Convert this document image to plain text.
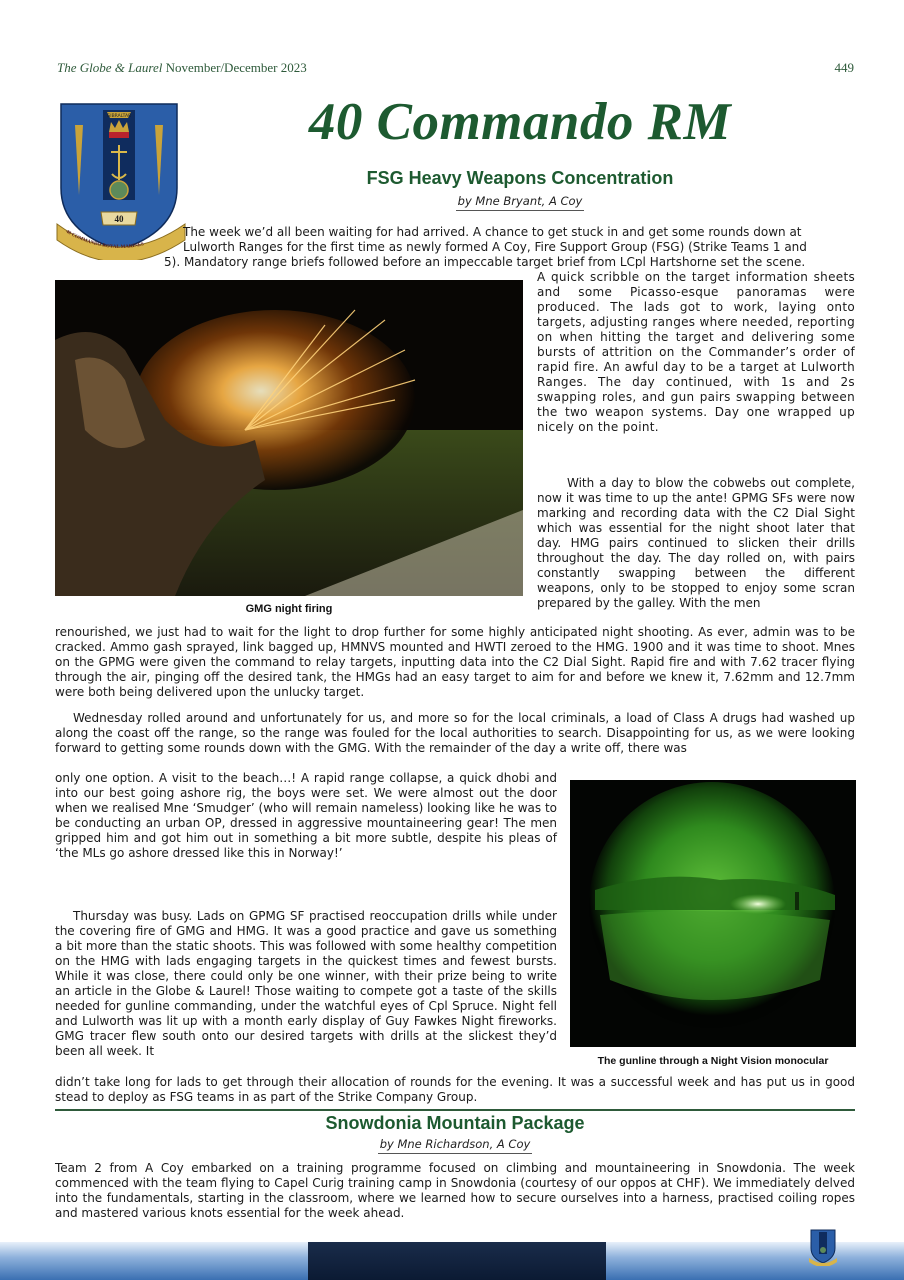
The Globe & Laurel November/December 2023	449
GIBRALTAR
40
40 COMMANDO ROYAL MARINES
40 Commando RM
FSG Heavy Weapons Concentration
by Mne Bryant, A Coy
The week we’d all been waiting for had arrived. A chance to get stuck in and get some rounds down at
Lulworth Ranges for the first time as newly formed A Coy, Fire Support Group (FSG) (Strike Teams 1 and
5). Mandatory range briefs followed before an impeccable target brief from LCpl Hartshorne set the scene.
GMG night firing
A quick scribble on the target information sheets and some Picasso-esque panoramas were produced. The lads got to work, laying onto targets, adjusting ranges where needed, reporting on when hitting the target and delivering some bursts of attrition on the Commander’s order of rapid fire. An awful day to be a target at Lulworth Ranges. The day continued, with 1s and 2s swapping roles, and gun pairs swapping between the two weapon systems. Day one wrapped up nicely on the point.
With a day to blow the cobwebs out complete, now it was time to up the ante! GPMG SFs were now marking and recording data with the C2 Dial Sight which was essential for the night shoot later that day. HMG pairs continued to slicken their drills throughout the day. The day rolled on, with pairs constantly swapping between the different weapons, only to be stopped to enjoy some scran prepared by the galley. With the men
renourished, we just had to wait for the light to drop further for some highly anticipated night shooting. As ever, admin was to be cracked. Ammo gash sprayed, link bagged up, HMNVS mounted and HWTI zeroed to the HMG. 1900 and it was time to shoot. Mnes on the GPMG were given the command to relay targets, inputting data into the C2 Dial Sight. Rapid fire and with 7.62 tracer flying through the air, pinging off the desired tank, the HMGs had an easy target to aim for and before we knew it, 7.62mm and 12.7mm were both being delivered upon the unlucky target.
Wednesday rolled around and unfortunately for us, and more so for the local criminals, a load of Class A drugs had washed up along the coast off the range, so the range was fouled for the local authorities to search. Disappointing for us, as we were looking forward to getting some rounds down with the GMG. With the remainder of the day a write off, there was
only one option. A visit to the beach…! A rapid range collapse, a quick dhobi and into our best going ashore rig, the boys were set. We were almost out the door when we realised Mne ‘Smudger’ (who will remain nameless) looking like he was to be conducting an urban OP, dressed in aggressive mountaineering gear! The men gripped him and got him out in something a bit more subtle, despite his pleas of ‘the MLs go ashore dressed like this in Norway!’
Thursday was busy. Lads on GPMG SF practised reoccupation drills while under the covering fire of GMG and HMG. It was a good practice and gave us something a bit more than the static shoots. This was followed with some healthy competition on the HMG with lads engaging targets in the quickest times and fewest bursts. While it was close, there could only be one winner, with their prize being to write an article in the Globe & Laurel! Those waiting to compete got a taste of the skills needed for gunline commanding, under the watchful eyes of Cpl Spruce. Night fell and Lulworth was lit up with a month early display of Guy Fawkes Night fireworks. GMG tracer flew south onto our desired targets with drills at the slickest they’d been all week. It
The gunline through a Night Vision monocular
didn’t take long for lads to get through their allocation of rounds for the evening. It was a successful week and has put us in good stead to deploy as FSG teams in as part of the Strike Company Group.
Snowdonia Mountain Package
by Mne Richardson, A Coy
Team 2 from A Coy embarked on a training programme focused on climbing and mountaineering in Snowdonia. The week commenced with the team flying to Capel Curig training camp in Snowdonia (courtesy of our oppos at CHF). We immediately delved into the fundamentals, starting in the classroom, where we learned how to secure ourselves into a harness, practised coiling ropes and mastered various knots essential for the week ahead.
